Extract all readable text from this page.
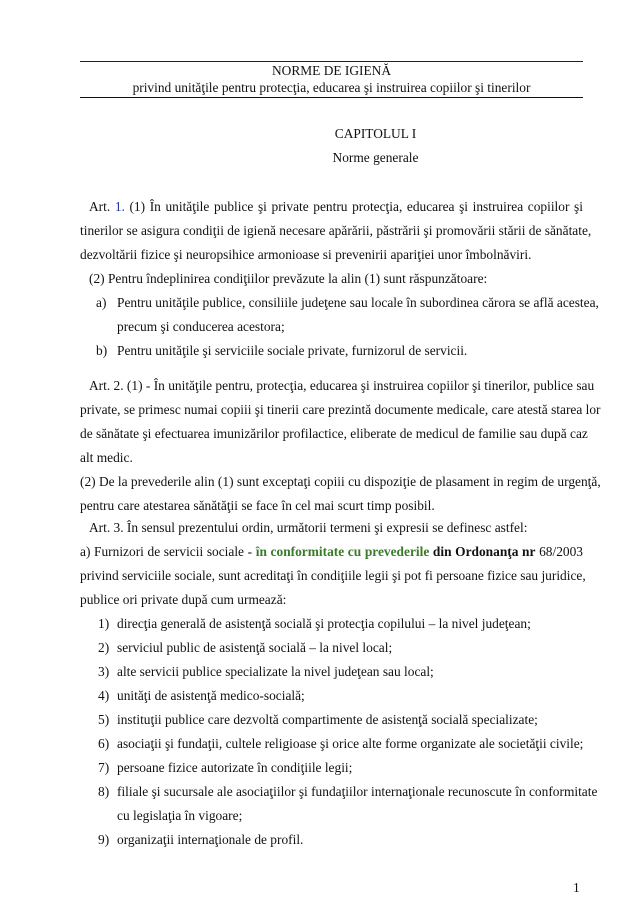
NORME DE IGIENĂ
privind unităţile pentru protecţia, educarea şi instruirea copiilor şi tinerilor
CAPITOLUL I
Norme generale
Art. 1. (1) În unităţile publice şi private pentru protecţia, educarea şi instruirea copiilor şi
tinerilor se asigura condiţii de igienă necesare apărării, păstrării şi promovării stării de sănătate,
dezvoltării fizice şi neuropsihice armonioase si prevenirii apariţiei unor îmbolnăviri.
(2) Pentru îndeplinirea condiţiilor prevăzute la alin (1) sunt răspunzătoare:
a) Pentru unităţile publice, consiliile judeţene sau locale în subordinea cărora se află acestea,
precum şi conducerea acestora;
b) Pentru unităţile şi serviciile sociale private, furnizorul de servicii.
Art. 2. (1) - În unităţile pentru, protecţia, educarea şi instruirea copiilor şi tinerilor, publice sau
private, se primesc numai copiii şi tinerii care prezintă documente medicale, care atestă starea lor
de sănătate şi efectuarea imunizărilor profilactice, eliberate de medicul de familie sau după caz
alt medic.
(2) De la prevederile alin (1) sunt exceptaţi copiii cu dispoziţie de plasament in regim de urgenţă,
pentru care atestarea sănătăţii se face în cel mai scurt timp posibil.
Art. 3. În sensul prezentului ordin, următorii termeni şi expresii se definesc astfel:
a) Furnizori de servicii sociale - în conformitate cu prevederile din Ordonanţa nr 68/2003
privind serviciile sociale, sunt acreditaţi în condiţiile legii şi pot fi persoane fizice sau juridice,
publice ori private după cum urmează:
1) direcţia generală de asistenţă socială şi protecţia copilului – la nivel judeţean;
2) serviciul public de asistenţă socială – la nivel local;
3) alte servicii publice specializate la nivel judeţean sau local;
4) unităţi de asistenţă medico-socială;
5) instituţii publice care dezvoltă compartimente de asistenţă socială specializate;
6) asociaţii şi fundaţii, cultele religioase şi orice alte forme organizate ale societăţii civile;
7) persoane fizice autorizate în condiţiile legii;
8) filiale şi sucursale ale asociaţiilor şi fundaţiilor internaţionale recunoscute în conformitate
cu legislaţia în vigoare;
9) organizaţii internaţionale de profil.
1
